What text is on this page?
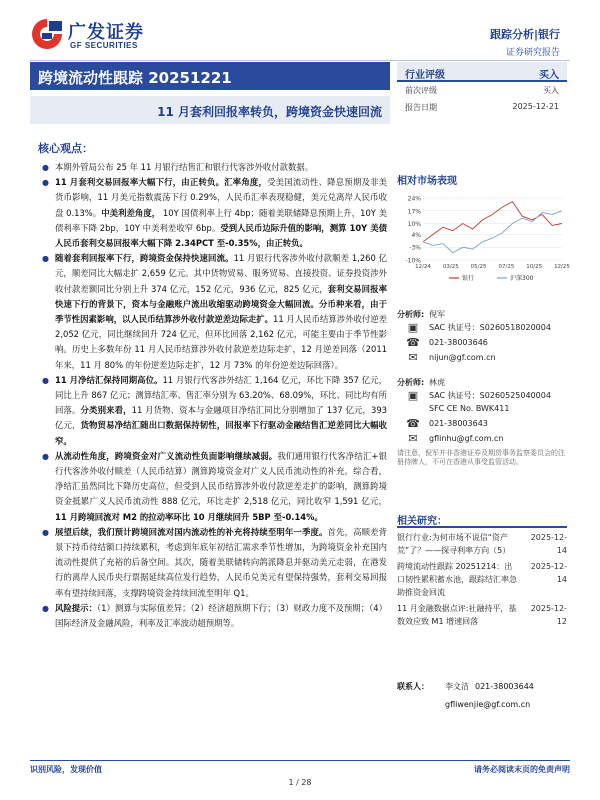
广发证券
GF SECURITIES
跟踪分析|银行
证券研究报告
跨境流动性跟踪 20251221
11 月套利回报率转负，跨境资金快速回流
行业评级	买入
前次评级	买入
报告日期	2025-12-21
相对市场表现
24%
17%
10%
4%
-3%
-10%
12/24 03/25 05/25 07/25 10/25 12/25
银行	沪深300
分析师: 倪军
▣	SAC 执证号：S0260518020004
☎	021-38003646
✉	nijun@gf.com.cn
分析师: 林虎
▣	SAC 执证号：S0260525040004
SFC CE No. BWK411
☎	021-38003643
✉	gflinhu@gf.com.cn
请注意，倪军并非香港证券及期货事务监察委员会的注册持牌人，不可在香港从事受监管活动。
相关研究：
银行行业:为何市场不说信“资产荒”了？——探寻利率方向（5）
2025-12-14
跨境流动性跟踪 20251214：出口韧性累积蓄水池，跟踪结汇率急助推资金回流
2025-12-14
11 月金融数据点评:社融持平，基数效应致 M1 增速回落
2025-12-12
联系人：	李文洁 021-38003644
gfliwenjie@gf.com.cn
核心观点：
● 本期外管局公布 25 年 11 月银行结售汇和银行代客涉外收付款数据。
● 11 月套利交易回报率大幅下行，由正转负。汇率角度，受美国流动性、降息预期及非美货币影响，11 月美元指数震荡下行 0.29%，人民币汇率表现稳健，美元兑离岸人民币收盘 0.13%。中美利差角度， 10Y 国债利率上行 4bp；随着美联储降息预期上升，10Y 美债利率下降 2bp，10Y 中美利差收窄 6bp。受到人民币边际升值的影响，测算 10Y 美债人民币套利交易回报率大幅下降 2.34PCT 至-0.35%，由正转负。
● 随着套利回报率下行，跨境资金保持快速回流。11 月银行代客涉外收付款顺差 1,260 亿元，顺差同比大幅走扩 2,659 亿元。其中货物贸易、服务贸易、直接投资、证券投资涉外收付款差额同比分别上升 374 亿元，152 亿元，936 亿元，825 亿元，套利交易回报率快速下行的背景下，资本与金融账户流出收缩驱动跨境资金大幅回流。分币种来看，由于季节性因素影响，以人民币结算涉外收付款逆差边际走扩。11 月人民币结算涉外收付逆差 2,052 亿元，同比继续回升 724 亿元，但环比回落 2,162 亿元，可能主要由于季节性影响。历史上多数年份 11 月人民币结算涉外收付款逆差边际走扩，12 月逆差回落（2011 年来，11 月 80% 的年份逆差边际走扩，12 月 73% 的年份逆差边际回落）。
● 11 月净结汇保持同期高位。11 月银行代客涉外结汇 1,164 亿元，环比下降 357 亿元，同比上升 867 亿元；测算结汇率、售汇率分别为 63.20%、68.09%，环比、同比均有所回落。分类别来看，11 月货物、资本与金融项目净结汇同比分别增加了 137 亿元，393 亿元，货物贸易净结汇随出口数据保持韧性，回报率下行驱动金融结售汇逆差同比大幅收窄。
● 从流动性角度，跨境资金对广义流动性负面影响继续减弱。我们通用银行代客净结汇+银行代客涉外收付顺差（人民币结算）测算跨境资金对广义人民币流动性的补充。综合看，净结汇虽然同比下降历史高位，但受到人民币结算涉外收付款逆差走扩的影响，测算跨境资金抵累广义人民币流动性 888 亿元，环比走扩 2,518 亿元，同比收窄 1,591 亿元，11 月跨境回流对 M2 的拉动率环比 10 月继续回升 5BP 至-0.14%。
● 展望后续，我们预计跨境回流对国内流动性的补充将持续至明年一季度。首先，高顺差背景下持币待结额口持续累积，考虑到年底年初结汇需求季节性增加，为跨境资金补充国内流动性提供了充裕的后备空间。其次，随着美联储转向鸽派降息并驱动美元走弱，在港发行的离岸人民币央行票据延续高位发行趋势，人民币兑美元有望保持强势，套利交易回报率有望持续回落，支撑跨境资金持续回流至明年 Q1。
● 风险提示：（1）测算与实际值差异；（2）经济超预期下行；（3）财政力度不及预期；（4）国际经济及金融风险，利率及汇率波动超预期等。
识别风险，发现价值	请务必阅读末页的免责声明
1 / 28
